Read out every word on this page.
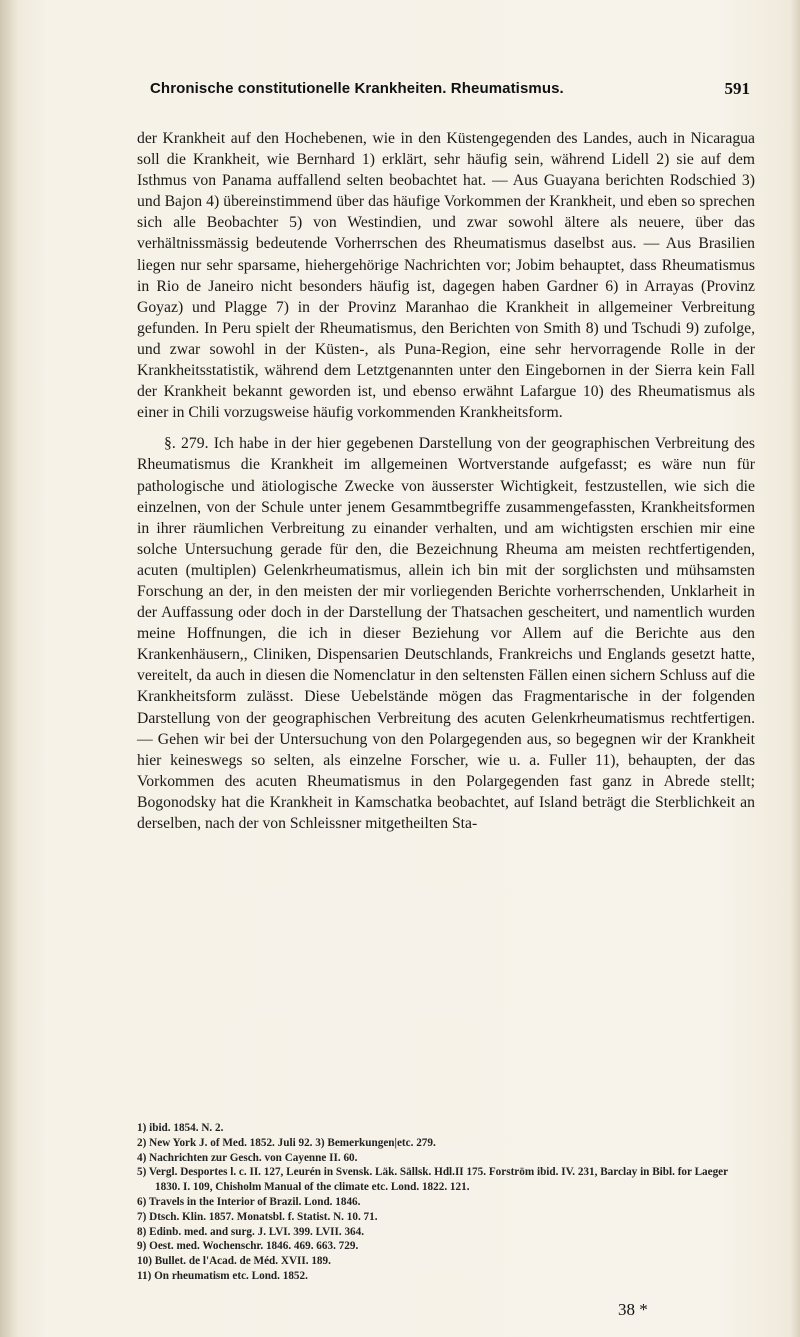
Chronische constitutionelle Krankheiten. Rheumatismus.	591

der Krankheit auf den Hochebenen, wie in den Küstengegenden des Landes, auch in Nicaragua soll die Krankheit, wie Bernhard 1) erklärt, sehr häufig sein, während Lidell 2) sie auf dem Isthmus von Panama auffallend selten beobachtet hat. — Aus Guayana berichten Rodschied 3) und Bajon 4) übereinstimmend über das häufige Vorkommen der Krankheit, und eben so sprechen sich alle Beobachter 5) von Westindien, und zwar sowohl ältere als neuere, über das verhältnissmässig bedeutende Vorherrschen des Rheumatismus daselbst aus. — Aus Brasilien liegen nur sehr sparsame, hiehergehörige Nachrichten vor; Jobim behauptet, dass Rheumatismus in Rio de Janeiro nicht besonders häufig ist, dagegen haben Gardner 6) in Arrayas (Provinz Goyaz) und Plagge 7) in der Provinz Maranhao die Krankheit in allgemeiner Verbreitung gefunden. In Peru spielt der Rheumatismus, den Berichten von Smith 8) und Tschudi 9) zufolge, und zwar sowohl in der Küsten-, als Puna-Region, eine sehr hervorragende Rolle in der Krankheitsstatistik, während dem Letztgenannten unter den Eingebornen in der Sierra kein Fall der Krankheit bekannt geworden ist, und ebenso erwähnt Lafargue 10) des Rheumatismus als einer in Chili vorzugsweise häufig vorkommenden Krankheitsform.

§. 279. Ich habe in der hier gegebenen Darstellung von der geographischen Verbreitung des Rheumatismus die Krankheit im allgemeinen Wortverstande aufgefasst; es wäre nun für pathologische und ätiologische Zwecke von äusserster Wichtigkeit, festzustellen, wie sich die einzelnen, von der Schule unter jenem Gesammtbegriffe zusammengefassten, Krankheitsformen in ihrer räumlichen Verbreitung zu einander verhalten, und am wichtigsten erschien mir eine solche Untersuchung gerade für den, die Bezeichnung Rheuma am meisten rechtfertigenden, acuten (multiplen) Gelenkrheumatismus, allein ich bin mit der sorglichsten und mühsamsten Forschung an der, in den meisten der mir vorliegenden Berichte vorherrschenden, Unklarheit in der Auffassung oder doch in der Darstellung der Thatsachen gescheitert, und namentlich wurden meine Hoffnungen, die ich in dieser Beziehung vor Allem auf die Berichte aus den Krankenhäusern,, Cliniken, Dispensarien Deutschlands, Frankreichs und Englands gesetzt hatte, vereitelt, da auch in diesen die Nomenclatur in den seltensten Fällen einen sichern Schluss auf die Krankheitsform zulässt. Diese Uebelstände mögen das Fragmentarische in der folgenden Darstellung von der geographischen Verbreitung des acuten Gelenkrheumatismus rechtfertigen. — Gehen wir bei der Untersuchung von den Polargegenden aus, so begegnen wir der Krankheit hier keineswegs so selten, als einzelne Forscher, wie u. a. Fuller 11), behaupten, der das Vorkommen des acuten Rheumatismus in den Polargegenden fast ganz in Abrede stellt; Bogonodsky hat die Krankheit in Kamschatka beobachtet, auf Island beträgt die Sterblichkeit an derselben, nach der von Schleissner mitgetheilten Sta-

1) ibid. 1854. N. 2.
2) New York J. of Med. 1852. Juli 92. 3) Bemerkungen|etc. 279.
4) Nachrichten zur Gesch. von Cayenne II. 60.
5) Vergl. Desportes l. c. II. 127, Leurén in Svensk. Läk. Sällsk. Hdl.II 175. Forström ibid. IV. 231, Barclay in Bibl. for Laeger 1830. I. 109, Chisholm Manual of the climate etc. Lond. 1822. 121.
6) Travels in the Interior of Brazil. Lond. 1846.
7) Dtsch. Klin. 1857. Monatsbl. f. Statist. N. 10. 71.
8) Edinb. med. and surg. J. LVI. 399. LVII. 364.
9) Oest. med. Wochenschr. 1846. 469. 663. 729.
10) Bullet. de l'Acad. de Méd. XVII. 189.
11) On rheumatism etc. Lond. 1852.
38 *
